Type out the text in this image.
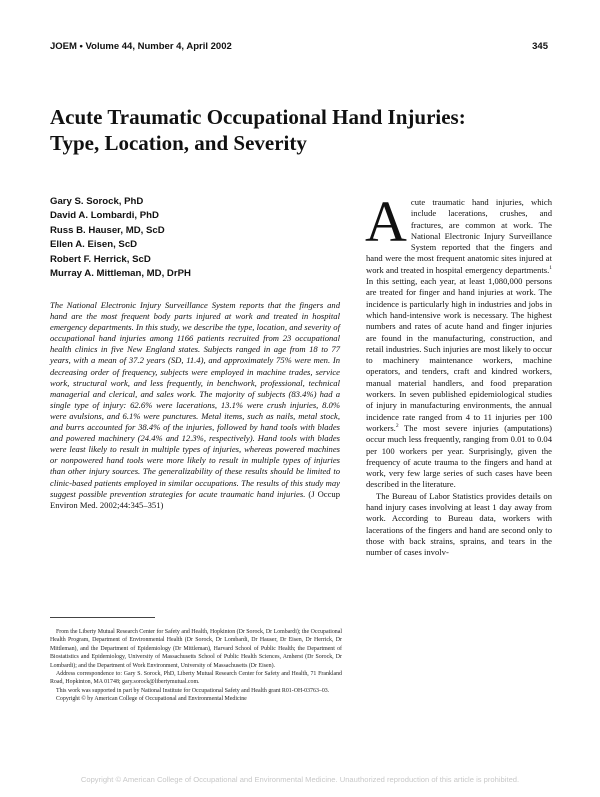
JOEM • Volume 44, Number 4, April 2002	345
Acute Traumatic Occupational Hand Injuries:
Type, Location, and Severity
Gary S. Sorock, PhD
David A. Lombardi, PhD
Russ B. Hauser, MD, ScD
Ellen A. Eisen, ScD
Robert F. Herrick, ScD
Murray A. Mittleman, MD, DrPH
The National Electronic Injury Surveillance System reports that the fingers and hand are the most frequent body parts injured at work and treated in hospital emergency departments. In this study, we describe the type, location, and severity of occupational hand injuries among 1166 patients recruited from 23 occupational health clinics in five New England states. Subjects ranged in age from 18 to 77 years, with a mean of 37.2 years (SD, 11.4), and approximately 75% were men. In decreasing order of frequency, subjects were employed in machine trades, service work, structural work, and less frequently, in benchwork, professional, technical managerial and clerical, and sales work. The majority of subjects (83.4%) had a single type of injury: 62.6% were lacerations, 13.1% were crush injuries, 8.0% were avulsions, and 6.1% were punctures. Metal items, such as nails, metal stock, and burrs accounted for 38.4% of the injuries, followed by hand tools with blades and powered machinery (24.4% and 12.3%, respectively). Hand tools with blades were least likely to result in multiple types of injuries, whereas powered machines or nonpowered hand tools were more likely to result in multiple types of injuries than other injury sources. The generalizability of these results should be limited to clinic-based patients employed in similar occupations. The results of this study may suggest possible prevention strategies for acute traumatic hand injuries. (J Occup Environ Med. 2002;44:345–351)

From the Liberty Mutual Research Center for Safety and Health, Hopkinton (Dr Sorock, Dr Lombardi); the Occupational Health Program, Department of Environmental Health (Dr Sorock, Dr Lombardi, Dr Hauser, Dr Eisen, Dr Herrick, Dr Mittleman), and the Department of Epidemiology (Dr Mittleman), Harvard School of Public Health; the Department of Biostatistics and Epidemiology, University of Massachusetts School of Public Health Sciences, Amherst (Dr Sorock, Dr Lombardi); and the Department of Work Environment, University of Massachusetts (Dr Eisen).

Address correspondence to: Gary S. Sorock, PhD, Liberty Mutual Research Center for Safety and Health, 71 Frankland Road, Hopkinton, MA 01748; gary.sorock@libertymutual.com.

This work was supported in part by National Institute for Occupational Safety and Health grant R01-OH-03763–03.

Copyright © by American College of Occupational and Environmental Medicine

Acute traumatic hand injuries, which include lacerations, crushes, and fractures, are common at work. The National Electronic Injury Surveillance System reported that the fingers and hand were the most frequent anatomic sites injured at work and treated in hospital emergency departments.$^1$ In this setting, each year, at least 1,080,000 persons are treated for finger and hand injuries at work. The incidence is particularly high in industries and jobs in which hand-intensive work is necessary. The highest numbers and rates of acute hand and finger injuries are found in the manufacturing, construction, and retail industries. Such injuries are most likely to occur to machinery maintenance workers, machine operators, and tenders, craft and kindred workers, manual material handlers, and food preparation workers. In seven published epidemiological studies of injury in manufacturing environments, the annual incidence rate ranged from 4 to 11 injuries per 100 workers.$^2$ The most severe injuries (amputations) occur much less frequently, ranging from 0.01 to 0.04 per 100 workers per year. Surprisingly, given the frequency of acute trauma to the fingers and hand at work, very few large series of such cases have been described in the literature.

The Bureau of Labor Statistics provides details on hand injury cases involving at least 1 day away from work. According to Bureau data, workers with lacerations of the fingers and hand are second only to those with back strains, sprains, and tears in the number of cases involv-

Copyright © American College of Occupational and Environmental Medicine. Unauthorized reproduction of this article is prohibited.
